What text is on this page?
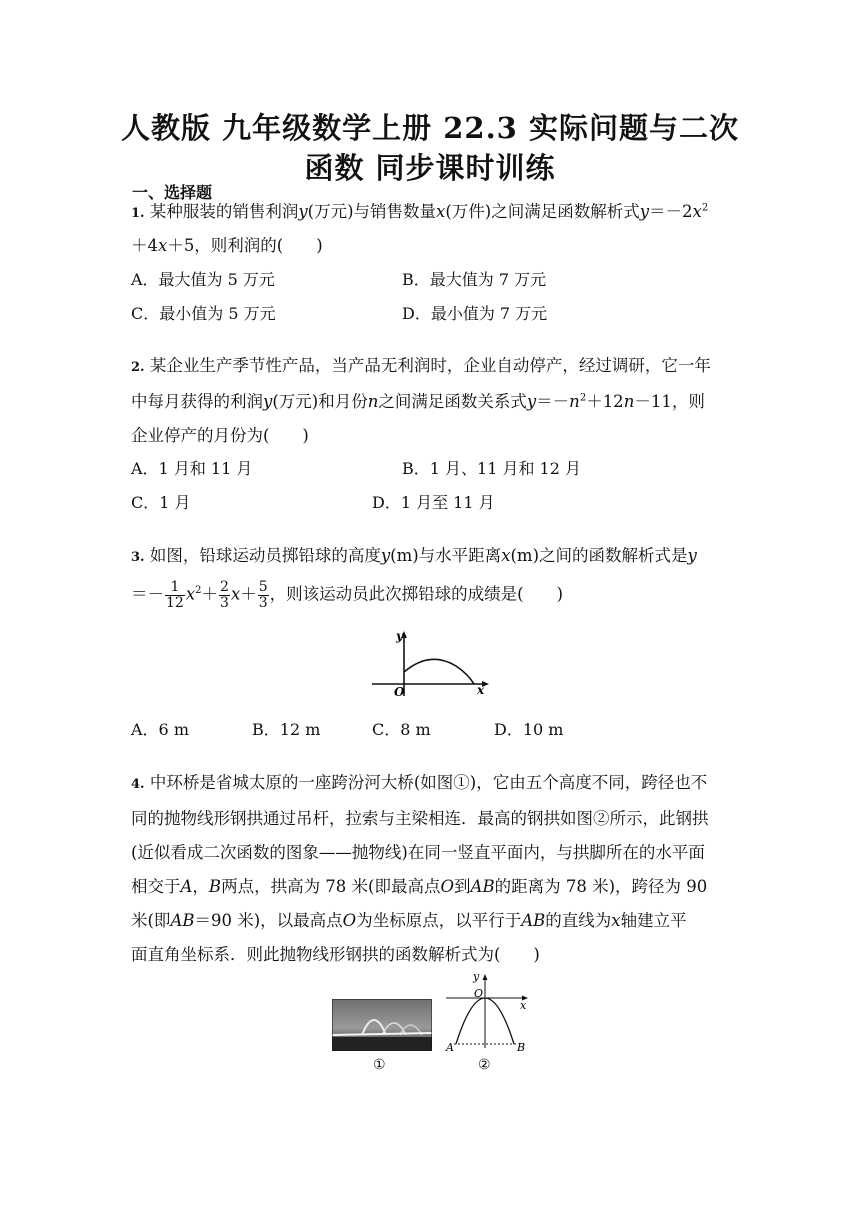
人教版 九年级数学上册 22.3 实际问题与二次
函数 同步课时训练
一、选择题
1. 某种服装的销售利润y(万元)与销售数量x(万件)之间满足函数解析式$y=-2x^2$
＋4x＋5，则利润的(　　)
A．最大值为 5 万元	B．最大值为 7 万元
C．最小值为 5 万元	D．最小值为 7 万元
2. 某企业生产季节性产品，当产品无利润时，企业自动停产，经过调研，它一年
中每月获得的利润y(万元)和月份n之间满足函数关系式$y=-n^2+12n-11$，则
企业停产的月份为(　　)
A．1 月和 11 月	B．1 月、11 月和 12 月
C．1 月	D．1 月至 11 月
3. 如图，铅球运动员掷铅球的高度y(m)与水平距离x(m)之间的函数解析式是y
＝－ $\frac{1}{12} x^2+ \frac{2}{3} x+ \frac{5}{3}$ ，则该运动员此次掷铅球的成绩是(　　)
y
O	x
A．6 m	B．12 m	C．8 m	D．10 m
4. 中环桥是省城太原的一座跨汾河大桥(如图①)，它由五个高度不同，跨径也不
同的抛物线形钢拱通过吊杆，拉索与主梁相连．最高的钢拱如图②所示，此钢拱
(近似看成二次函数的图象——抛物线)在同一竖直平面内，与拱脚所在的水平面
相交于A，B两点，拱高为 78 米(即最高点O到AB的距离为 78 米)，跨径为 90
米(即AB＝90 米)，以最高点O为坐标原点，以平行于AB的直线为x轴建立平
面直角坐标系．则此抛物线形钢拱的函数解析式为(　　)
y
O
x
A	B
①	②
